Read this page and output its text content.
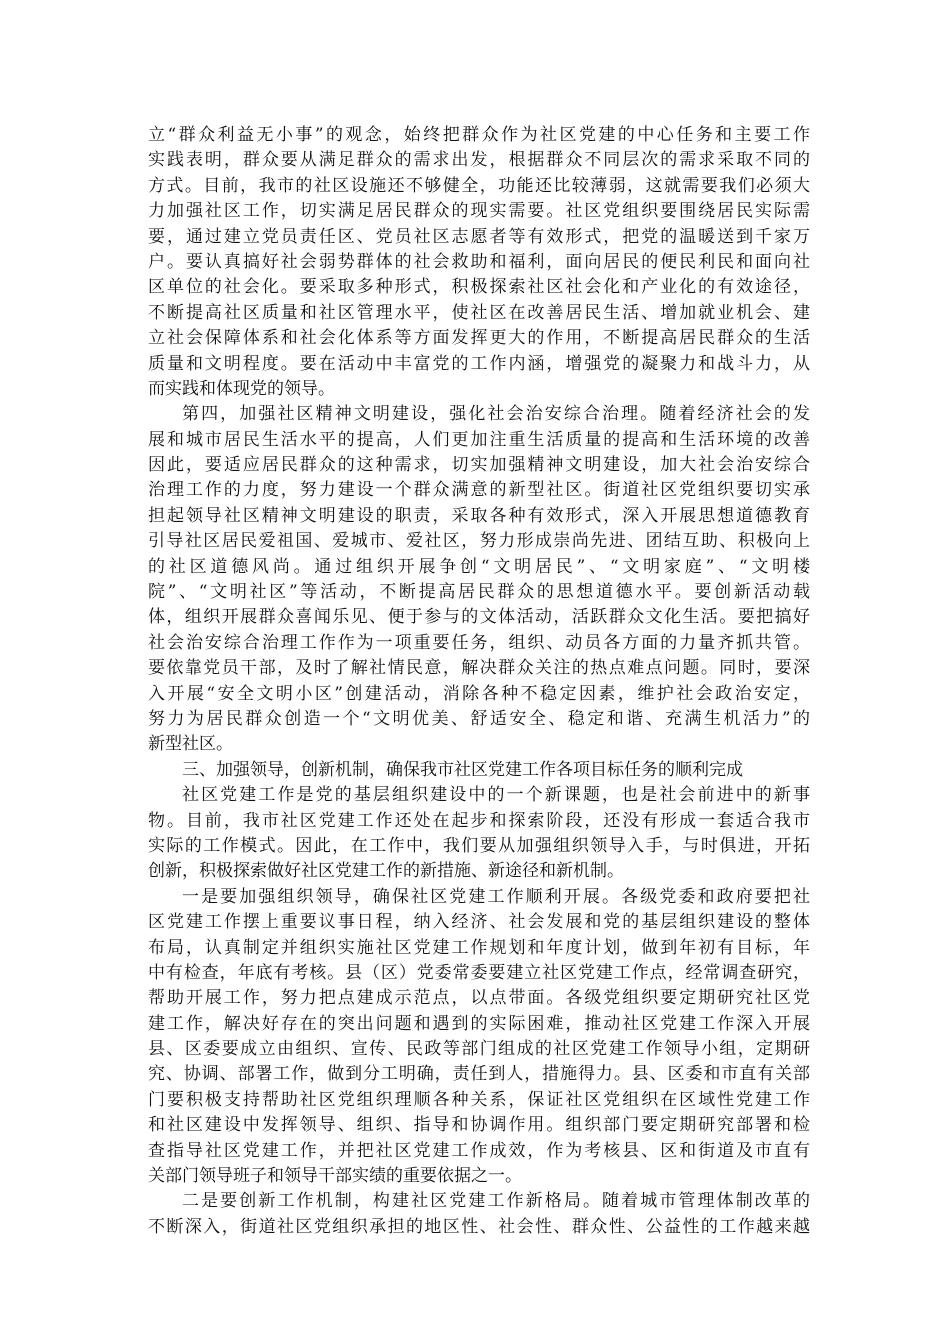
立“群众利益无小事”的观念，始终把群众作为社区党建的中心任务和主要工作
实践表明，群众要从满足群众的需求出发，根据群众不同层次的需求采取不同的
方式。目前，我市的社区设施还不够健全，功能还比较薄弱，这就需要我们必须大
力加强社区工作，切实满足居民群众的现实需要。社区党组织要围绕居民实际需
要，通过建立党员责任区、党员社区志愿者等有效形式，把党的温暖送到千家万
户。要认真搞好社会弱势群体的社会救助和福利，面向居民的便民利民和面向社
区单位的社会化。要采取多种形式，积极探索社区社会化和产业化的有效途径，
不断提高社区质量和社区管理水平，使社区在改善居民生活、增加就业机会、建
立社会保障体系和社会化体系等方面发挥更大的作用，不断提高居民群众的生活
质量和文明程度。要在活动中丰富党的工作内涵，增强党的凝聚力和战斗力，从
而实践和体现党的领导。
第四，加强社区精神文明建设，强化社会治安综合治理。随着经济社会的发
展和城市居民生活水平的提高，人们更加注重生活质量的提高和生活环境的改善
因此，要适应居民群众的这种需求，切实加强精神文明建设，加大社会治安综合
治理工作的力度，努力建设一个群众满意的新型社区。街道社区党组织要切实承
担起领导社区精神文明建设的职责，采取各种有效形式，深入开展思想道德教育
引导社区居民爱祖国、爱城市、爱社区，努力形成崇尚先进、团结互助、积极向上
的社区道德风尚。通过组织开展争创“文明居民”、“文明家庭”、“文明楼
院”、“文明社区”等活动，不断提高居民群众的思想道德水平。要创新活动载
体，组织开展群众喜闻乐见、便于参与的文体活动，活跃群众文化生活。要把搞好
社会治安综合治理工作作为一项重要任务，组织、动员各方面的力量齐抓共管。
要依靠党员干部，及时了解社情民意，解决群众关注的热点难点问题。同时，要深
入开展“安全文明小区”创建活动，消除各种不稳定因素，维护社会政治安定，
努力为居民群众创造一个“文明优美、舒适安全、稳定和谐、充满生机活力”的
新型社区。
三、加强领导，创新机制，确保我市社区党建工作各项目标任务的顺利完成
社区党建工作是党的基层组织建设中的一个新课题，也是社会前进中的新事
物。目前，我市社区党建工作还处在起步和探索阶段，还没有形成一套适合我市
实际的工作模式。因此，在工作中，我们要从加强组织领导入手，与时俱进，开拓
创新，积极探索做好社区党建工作的新措施、新途径和新机制。
一是要加强组织领导，确保社区党建工作顺利开展。各级党委和政府要把社
区党建工作摆上重要议事日程，纳入经济、社会发展和党的基层组织建设的整体
布局，认真制定并组织实施社区党建工作规划和年度计划，做到年初有目标，年
中有检查，年底有考核。县（区）党委常委要建立社区党建工作点，经常调查研究，
帮助开展工作，努力把点建成示范点，以点带面。各级党组织要定期研究社区党
建工作，解决好存在的突出问题和遇到的实际困难，推动社区党建工作深入开展
县、区委要成立由组织、宣传、民政等部门组成的社区党建工作领导小组，定期研
究、协调、部署工作，做到分工明确，责任到人，措施得力。县、区委和市直有关部
门要积极支持帮助社区党组织理顺各种关系，保证社区党组织在区域性党建工作
和社区建设中发挥领导、组织、指导和协调作用。组织部门要定期研究部署和检
查指导社区党建工作，并把社区党建工作成效，作为考核县、区和街道及市直有
关部门领导班子和领导干部实绩的重要依据之一。
二是要创新工作机制，构建社区党建工作新格局。随着城市管理体制改革的
不断深入，街道社区党组织承担的地区性、社会性、群众性、公益性的工作越来越
